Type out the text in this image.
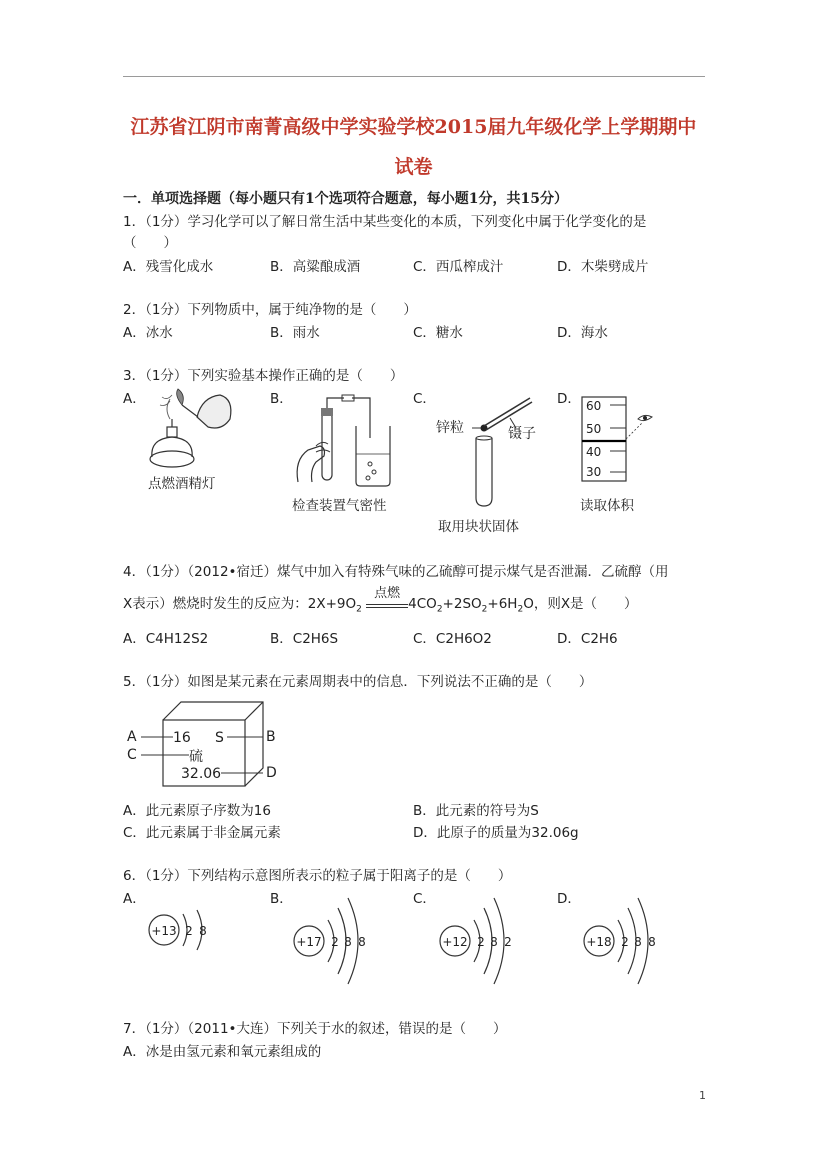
江苏省江阴市南菁高级中学实验学校2015届九年级化学上学期期中
试卷
一．单项选择题（每小题只有1个选项符合题意，每小题1分，共15分）
1．（1分）学习化学可以了解日常生活中某些变化的本质，下列变化中属于化学变化的是
（　　）
A．残雪化成水	B．高粱酿成酒	C．西瓜榨成汁	D．木柴劈成片
2．（1分）下列物质中，属于纯净物的是（　　）
A．冰水	B．雨水	C．糖水	D．海水
3．（1分）下列实验基本操作正确的是（　　）
A．	B．	C．	D．
点燃酒精灯
检查装置气密性
锌粒	镊子
取用块状固体
60
50
40
30
读取体积
4．（1分）（2012•宿迁）煤气中加入有特殊气味的乙硫醇可提示煤气是否泄漏．乙硫醇（用
X表示）燃烧时发生的反应为：$2X+9O_2$
点燃
$4CO_2+2SO_2+6H_2O$，则X是（　　）
A．C4H12S2	B．C2H6S	C．C2H6O2	D．C2H6
5．（1分）如图是某元素在元素周期表中的信息．下列说法不正确的是（　　）
A	16 S	B
C	硫
32.06	D
A．此元素原子序数为16	B．此元素的符号为S
C．此元素属于非金属元素	D．此原子的质量为32.06g
6．（1分）下列结构示意图所表示的粒子属于阳离子的是（　　）
A．	B．	C．	D．
+13 2 8
+17 2 8 8	+12 2 8 2	+18 2 8 8
7．（1分）（2011•大连）下列关于水的叙述，错误的是（　　）
A．冰是由氢元素和氧元素组成的
1
